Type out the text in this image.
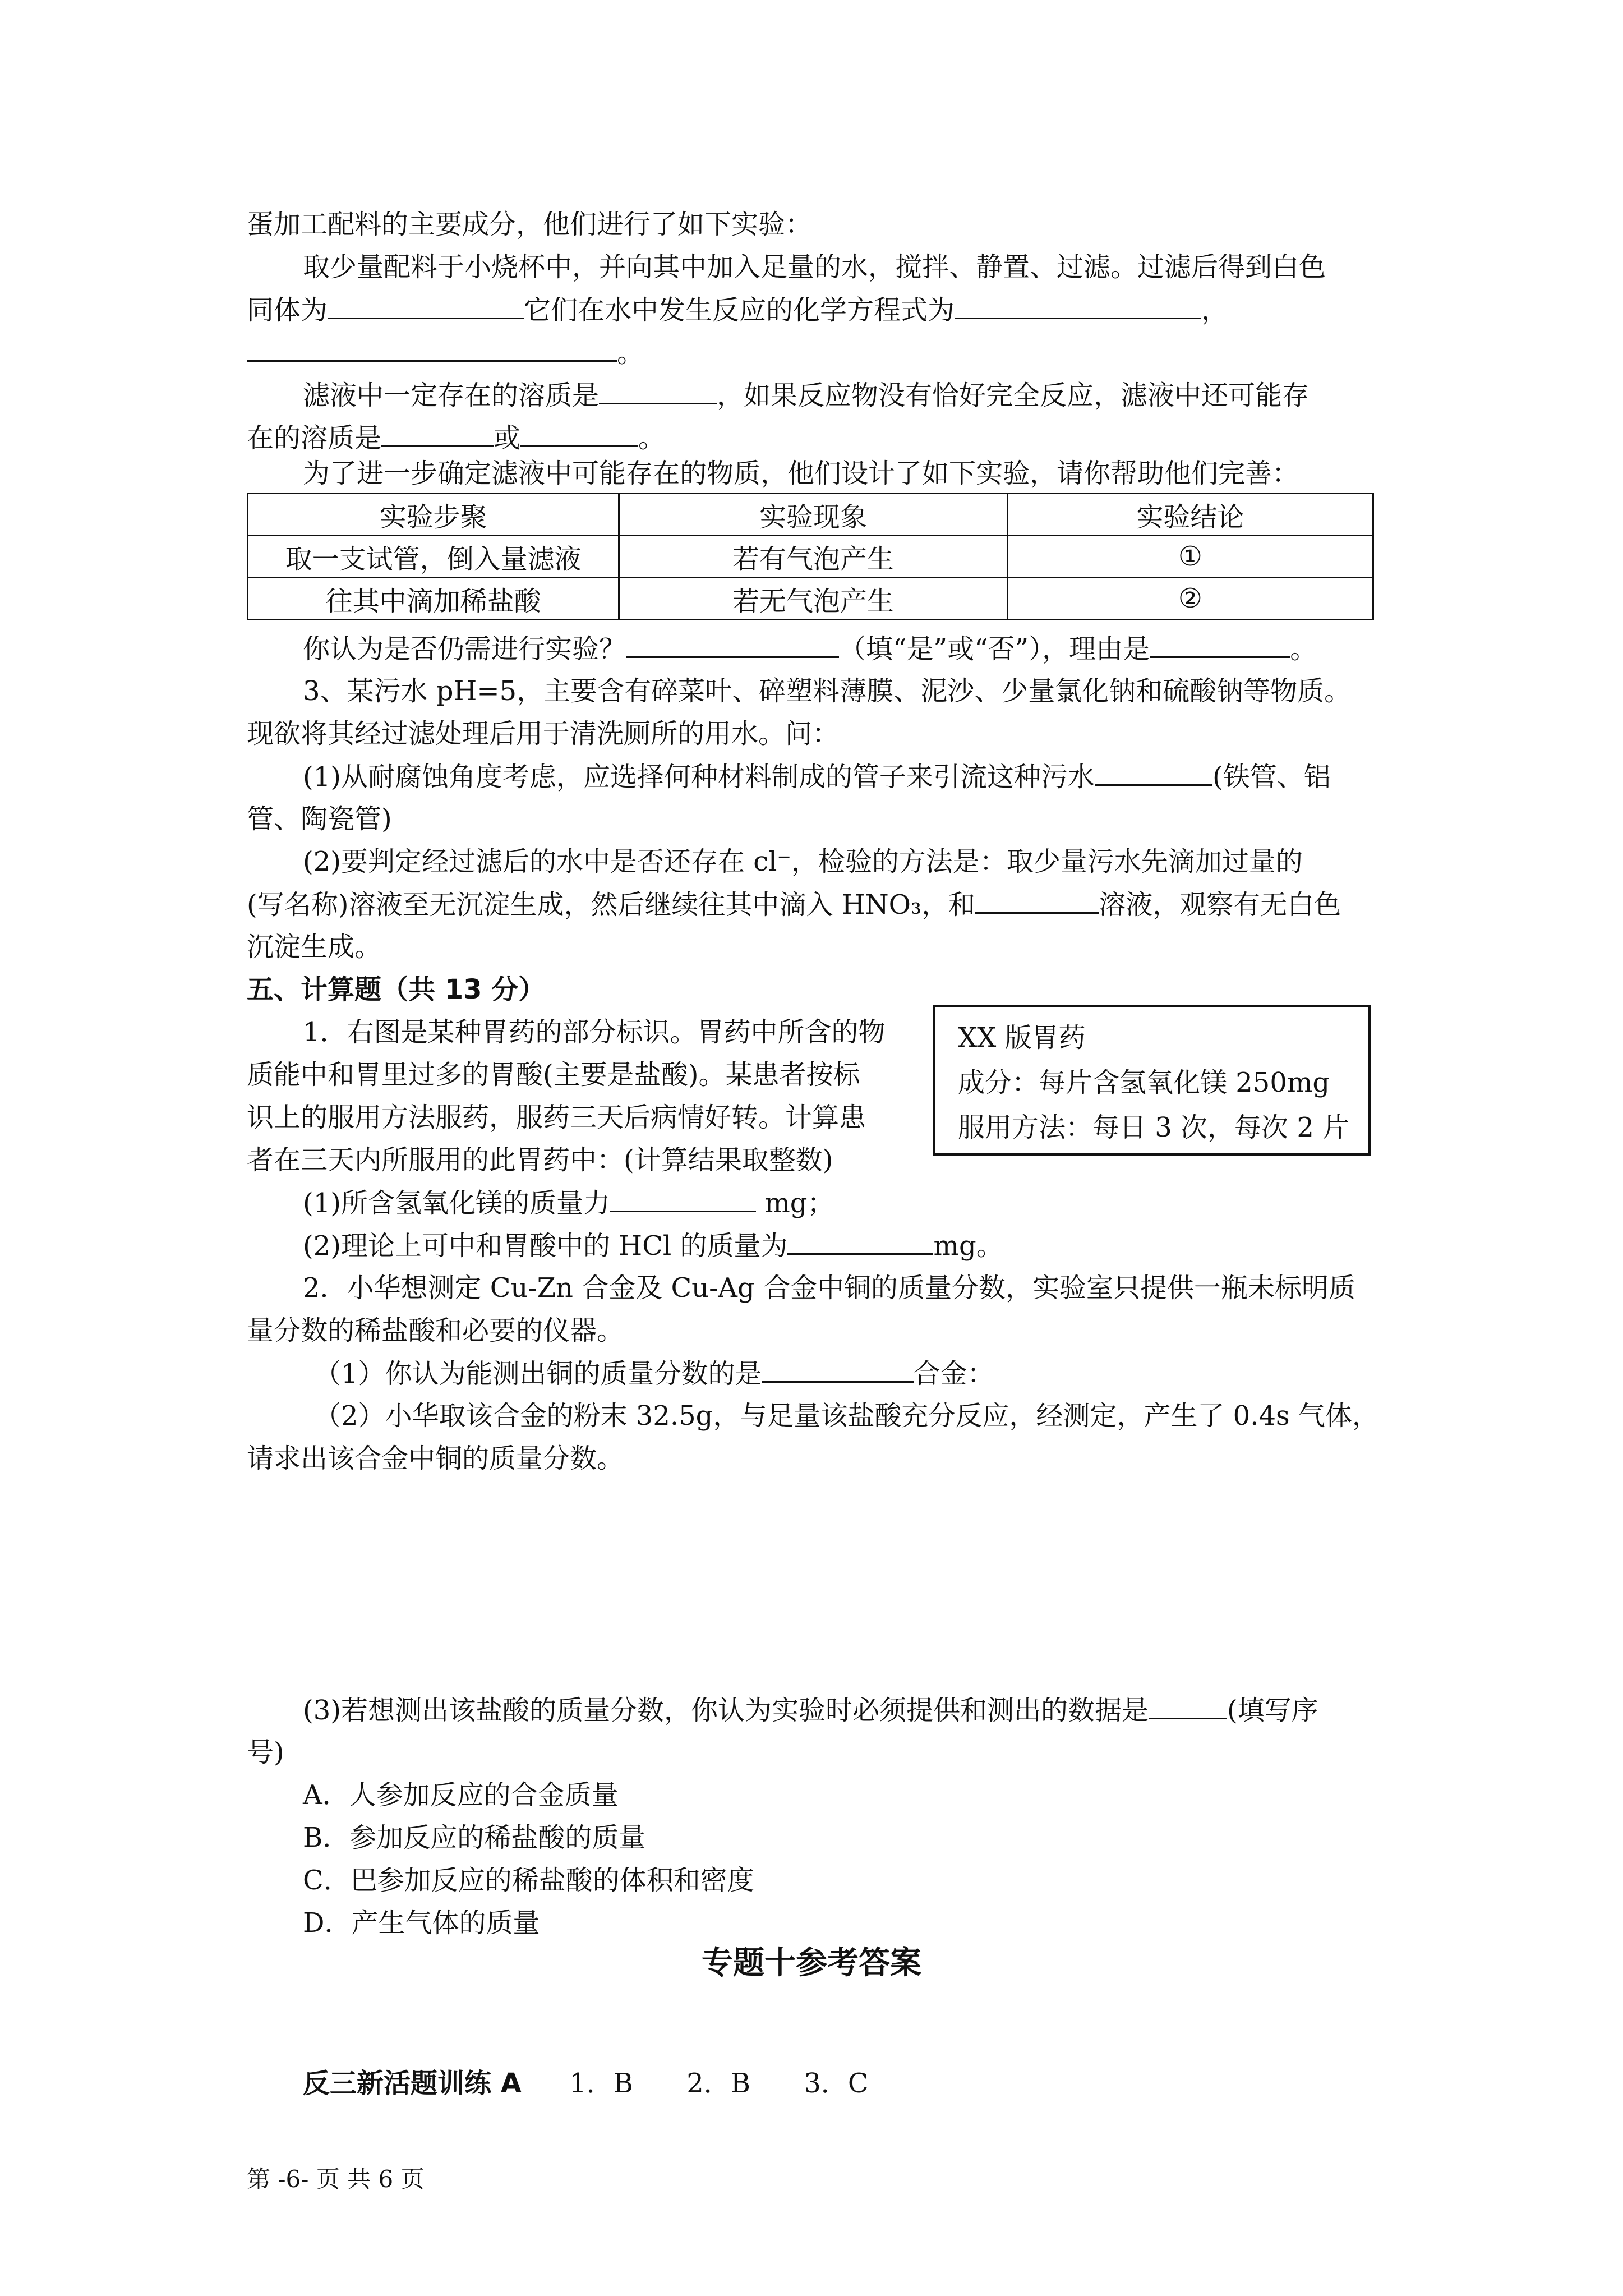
蛋加工配料的主要成分，他们进行了如下实验：
取少量配料于小烧杯中，并向其中加入足量的水，搅拌、静置、过滤。过滤后得到白色
同体为	它们在水中发生反应的化学方程式为	，
。
滤液中一定存在的溶质是	，如果反应物没有恰好完全反应，滤液中还可能存
在的溶质是	或	。
为了进一步确定滤液中可能存在的物质，他们设计了如下实验，请你帮助他们完善：
实验步聚	实验现象	实验结论
取一支试管，倒入量滤液	若有气泡产生	①
往其中滴加稀盐酸	若无气泡产生	②
你认为是否仍需进行实验？	（填“是”或“否”），理由是	。
3、某污水 pH=5，主要含有碎菜叶、碎塑料薄膜、泥沙、少量氯化钠和硫酸钠等物质。
现欲将其经过滤处理后用于清洗厕所的用水。问：
(1)从耐腐蚀角度考虑，应选择何种材料制成的管子来引流这种污水	(铁管、铝
管、陶瓷管)
(2)要判定经过滤后的水中是否还存在 cl⁻，检验的方法是：取少量污水先滴加过量的
(写名称)溶液至无沉淀生成，然后继续往其中滴入 HNO₃，和	溶液，观察有无白色
沉淀生成。
五、计算题（共 13 分）
1．右图是某种胃药的部分标识。胃药中所含的物
质能中和胃里过多的胃酸(主要是盐酸)。某患者按标
识上的服用方法服药，服药三天后病情好转。计算患
者在三天内所服用的此胃药中：(计算结果取整数)
XX 版胃药
成分：每片含氢氧化镁 250mg
服用方法：每日 3 次，每次 2 片
(1)所含氢氧化镁的质量力	mg；
(2)理论上可中和胃酸中的 HCl 的质量为	mg。
2．小华想测定 Cu-Zn 合金及 Cu-Ag 合金中铜的质量分数，实验室只提供一瓶未标明质
量分数的稀盐酸和必要的仪器。
（1）你认为能测出铜的质量分数的是	合金：
（2）小华取该合金的粉末 32.5g，与足量该盐酸充分反应，经测定，产生了 0.4s 气体，
请求出该合金中铜的质量分数。
(3)若想测出该盐酸的质量分数，你认为实验时必须提供和测出的数据是	(填写序
号)
A．人参加反应的合金质量
B．参加反应的稀盐酸的质量
C．巴参加反应的稀盐酸的体积和密度
D．产生气体的质量
专题十参考答案
反三新活题训练 A 1．B 2．B 3．C
第 -6- 页 共 6 页
